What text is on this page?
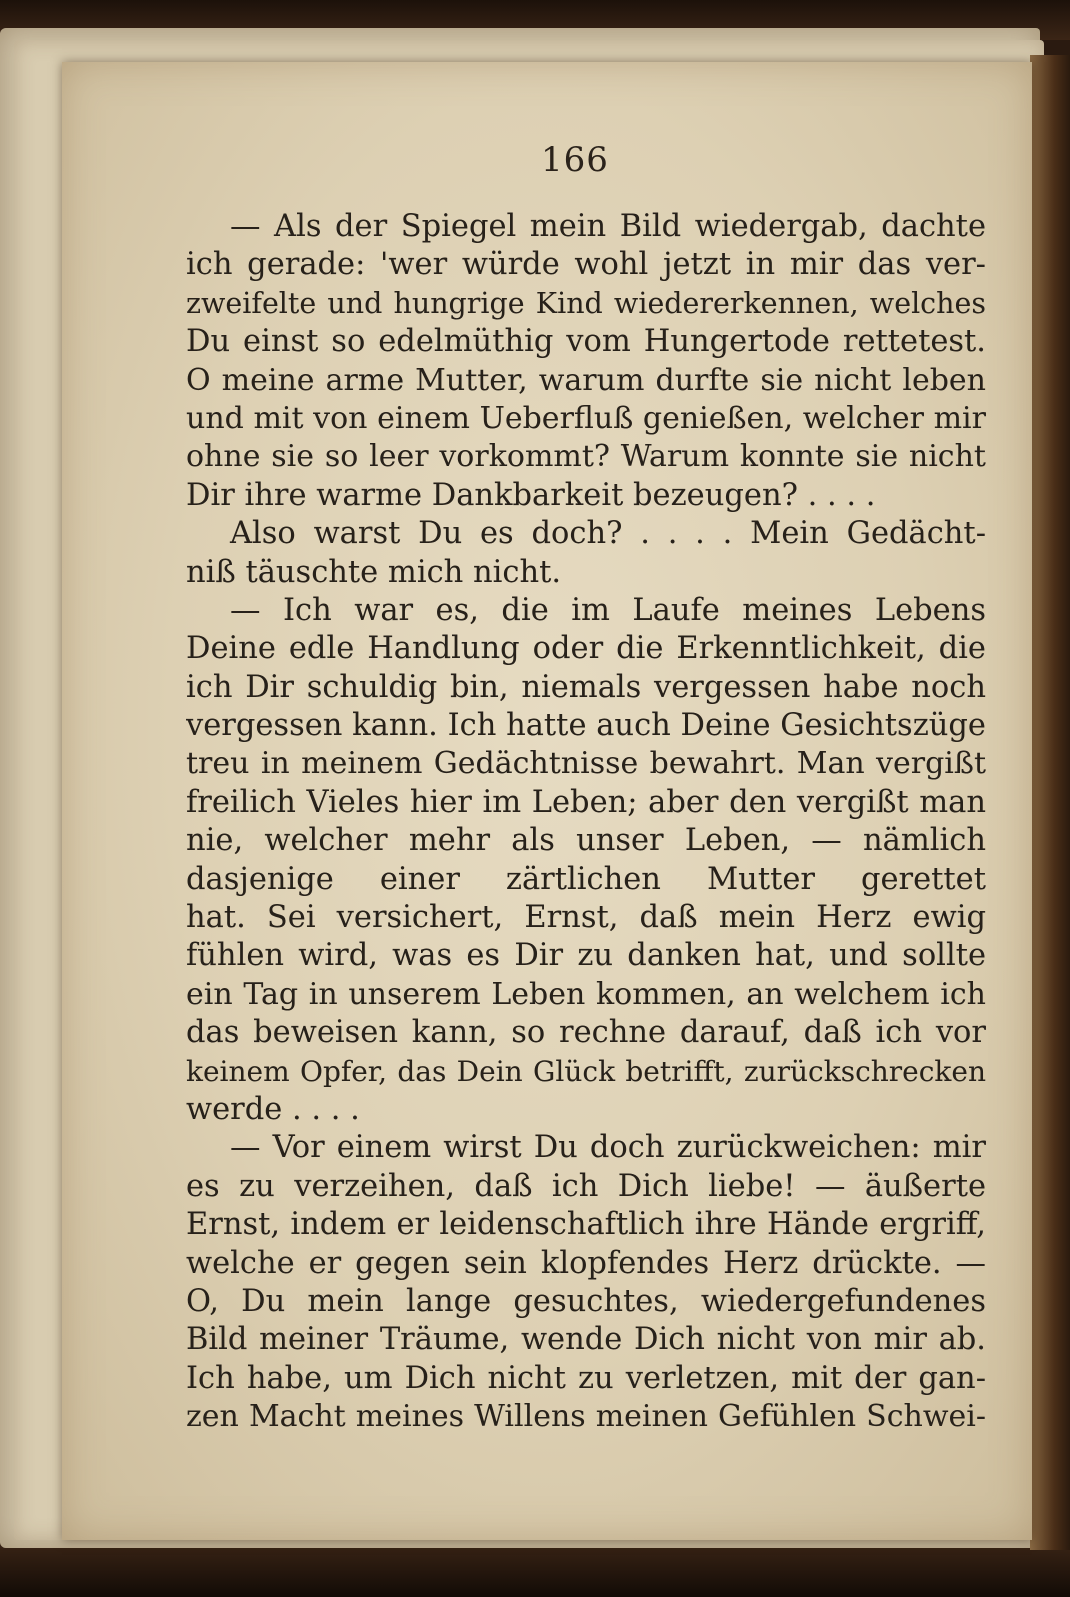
166
— Als der Spiegel mein Bild wiedergab, dachte
ich gerade: 'wer würde wohl jetzt in mir das ver-
zweifelte und hungrige Kind wiedererkennen, welches
Du einst so edelmüthig vom Hungertode rettetest.
O meine arme Mutter, warum durfte sie nicht leben
und mit von einem Ueberfluß genießen, welcher mir
ohne sie so leer vorkommt? Warum konnte sie nicht
Dir ihre warme Dankbarkeit bezeugen? . . . .
Also warst Du es doch? . . . . Mein Gedächt-
niß täuschte mich nicht.
— Ich war es, die im Laufe meines Lebens
Deine edle Handlung oder die Erkenntlichkeit, die
ich Dir schuldig bin, niemals vergessen habe noch
vergessen kann. Ich hatte auch Deine Gesichtszüge
treu in meinem Gedächtnisse bewahrt. Man vergißt
freilich Vieles hier im Leben; aber den vergißt man
nie, welcher mehr als unser Leben, — nämlich
dasjenige einer zärtlichen Mutter gerettet
hat. Sei versichert, Ernst, daß mein Herz ewig
fühlen wird, was es Dir zu danken hat, und sollte
ein Tag in unserem Leben kommen, an welchem ich
das beweisen kann, so rechne darauf, daß ich vor
keinem Opfer, das Dein Glück betrifft, zurückschrecken
werde . . . .
— Vor einem wirst Du doch zurückweichen: mir
es zu verzeihen, daß ich Dich liebe! — äußerte
Ernst, indem er leidenschaftlich ihre Hände ergriff,
welche er gegen sein klopfendes Herz drückte. —
O, Du mein lange gesuchtes, wiedergefundenes
Bild meiner Träume, wende Dich nicht von mir ab.
Ich habe, um Dich nicht zu verletzen, mit der gan-
zen Macht meines Willens meinen Gefühlen Schwei-
